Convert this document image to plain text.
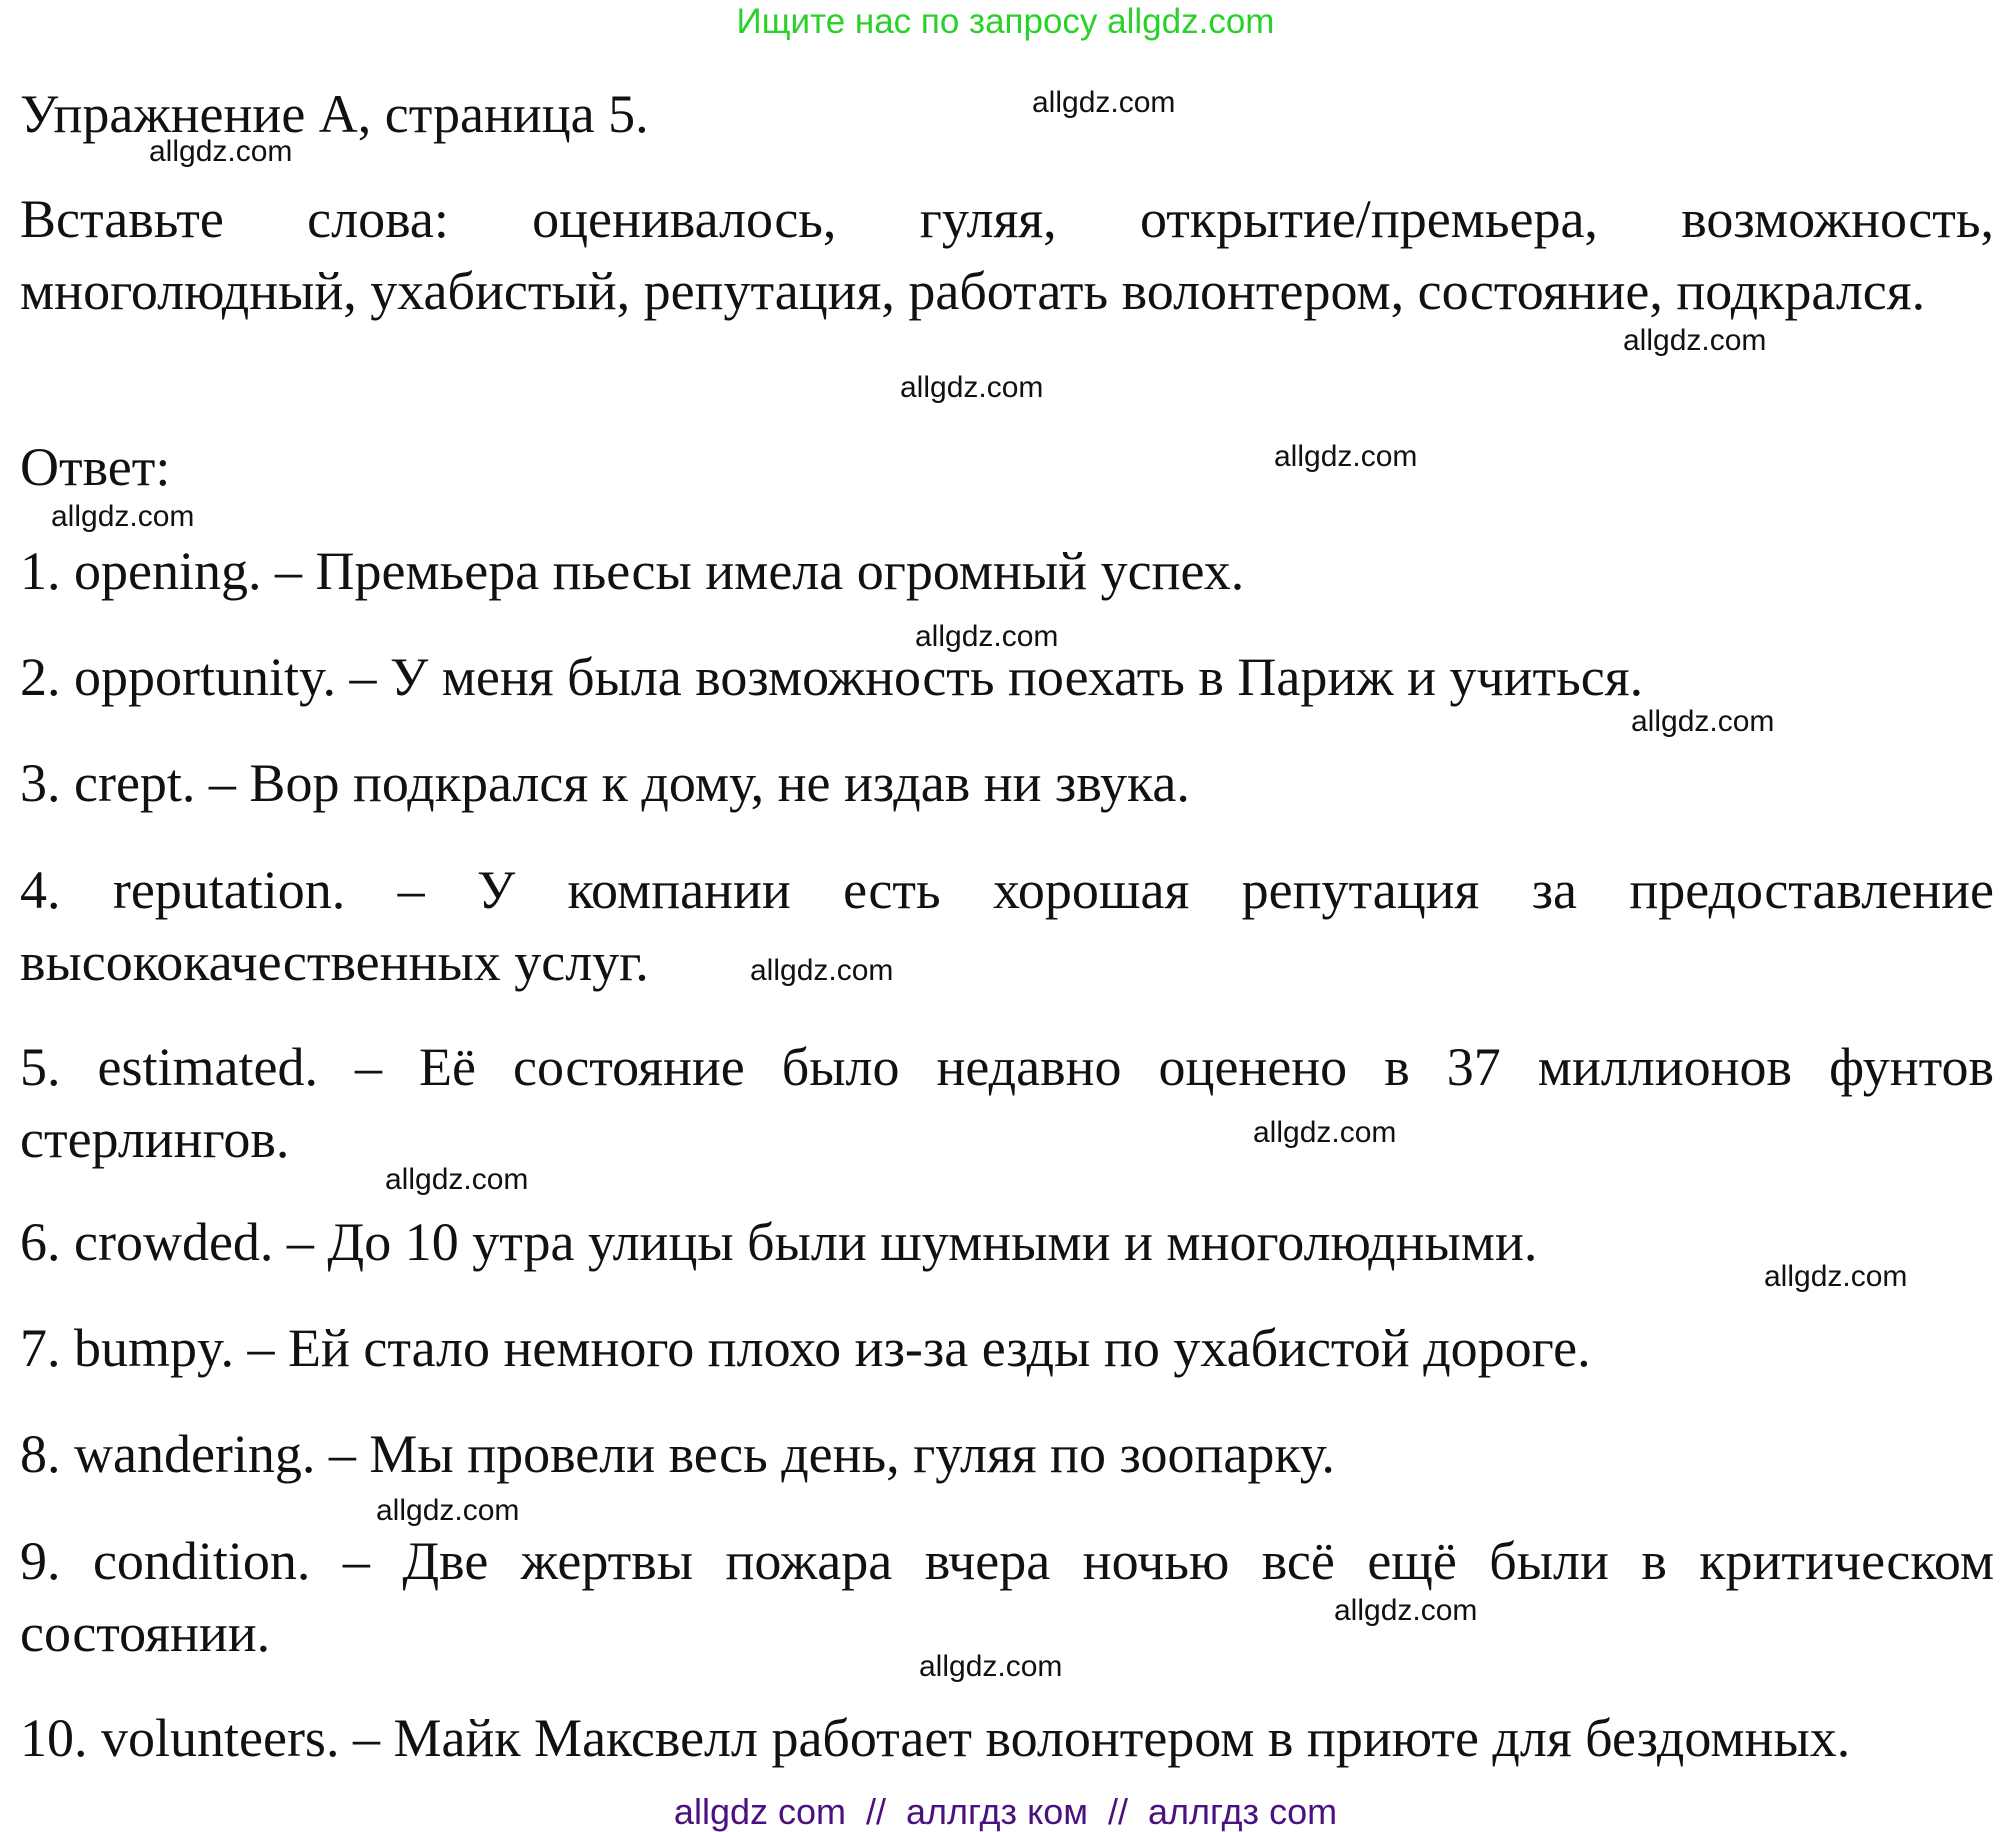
Ищите нас по запросу allgdz.com
Упражнение A, страница 5.
Вставьте слова: оценивалось, гуляя, открытие/премьера, возможность, многолюдный, ухабистый, репутация, работать волонтером, состояние, подкрался.
Ответ:
1. opening. – Премьера пьесы имела огромный успех.
2. opportunity. – У меня была возможность поехать в Париж и учиться.
3. crept. – Вор подкрался к дому, не издав ни звука.
4. reputation. – У компании есть хорошая репутация за предоставление высококачественных услуг.
5. estimated. – Её состояние было недавно оценено в 37 миллионов фунтов стерлингов.
6. crowded. – До 10 утра улицы были шумными и многолюдными.
7. bumpy. – Ей стало немного плохо из-за езды по ухабистой дороге.
8. wandering. – Мы провели весь день, гуляя по зоопарку.
9. condition. – Две жертвы пожара вчера ночью всё ещё были в критическом состоянии.
10. volunteers. – Майк Максвелл работает волонтером в приюте для бездомных.
allgdz.com
allgdz.com
allgdz.com
allgdz.com
allgdz.com
allgdz.com
allgdz.com
allgdz.com
allgdz.com
allgdz.com
allgdz.com
allgdz.com
allgdz.com
allgdz.com
allgdz.com
allgdz com  //  аллгдз ком  //  аллгдз com
